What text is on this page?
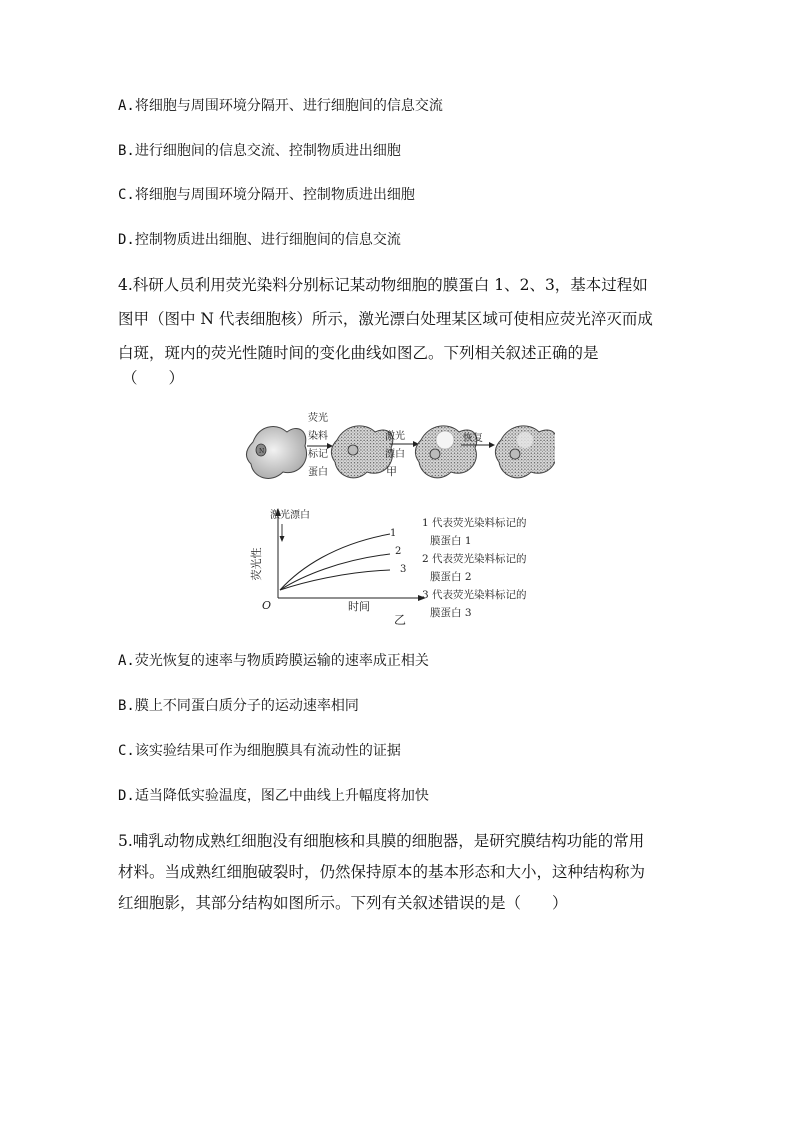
A.将细胞与周围环境分隔开、进行细胞间的信息交流
B.进行细胞间的信息交流、控制物质进出细胞
C.将细胞与周围环境分隔开、控制物质进出细胞
D.控制物质进出细胞、进行细胞间的信息交流
4.科研人员利用荧光染料分别标记某动物细胞的膜蛋白 1、2、3，基本过程如
图甲（图中 N 代表细胞核）所示，激光漂白处理某区域可使相应荧光淬灭而成
白斑，斑内的荧光性随时间的变化曲线如图乙。下列相关叙述正确的是
（　　）
N
荧光
染料
标记
蛋白
激光
漂白
甲
恢复
荧光性
O	时间
乙
激光漂白
1
2
3
1 代表荧光染料标记的
膜蛋白 1
2 代表荧光染料标记的
膜蛋白 2
3 代表荧光染料标记的
膜蛋白 3
A.荧光恢复的速率与物质跨膜运输的速率成正相关
B.膜上不同蛋白质分子的运动速率相同
C.该实验结果可作为细胞膜具有流动性的证据
D.适当降低实验温度，图乙中曲线上升幅度将加快
5.哺乳动物成熟红细胞没有细胞核和具膜的细胞器，是研究膜结构功能的常用
材料。当成熟红细胞破裂时，仍然保持原本的基本形态和大小，这种结构称为
红细胞影，其部分结构如图所示。下列有关叙述错误的是（　　）
